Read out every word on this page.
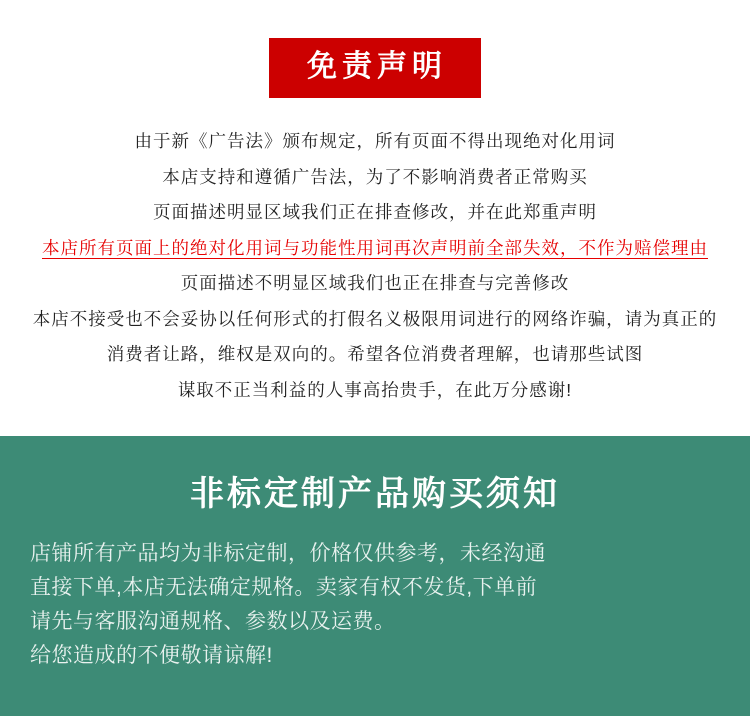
免责声明
由于新《广告法》颁布规定，所有页面不得出现绝对化用词
本店支持和遵循广告法，为了不影响消费者正常购买
页面描述明显区域我们正在排查修改，并在此郑重声明
本店所有页面上的绝对化用词与功能性用词再次声明前全部失效，不作为赔偿理由
页面描述不明显区域我们也正在排查与完善修改
本店不接受也不会妥协以任何形式的打假名义极限用词进行的网络诈骗，请为真正的
消费者让路，维权是双向的。希望各位消费者理解，也请那些试图
谋取不正当利益的人事高抬贵手，在此万分感谢!
非标定制产品购买须知
店铺所有产品均为非标定制，价格仅供参考，未经沟通
直接下单,本店无法确定规格。卖家有权不发货,下单前
请先与客服沟通规格、参数以及运费。
给您造成的不便敬请谅解!
